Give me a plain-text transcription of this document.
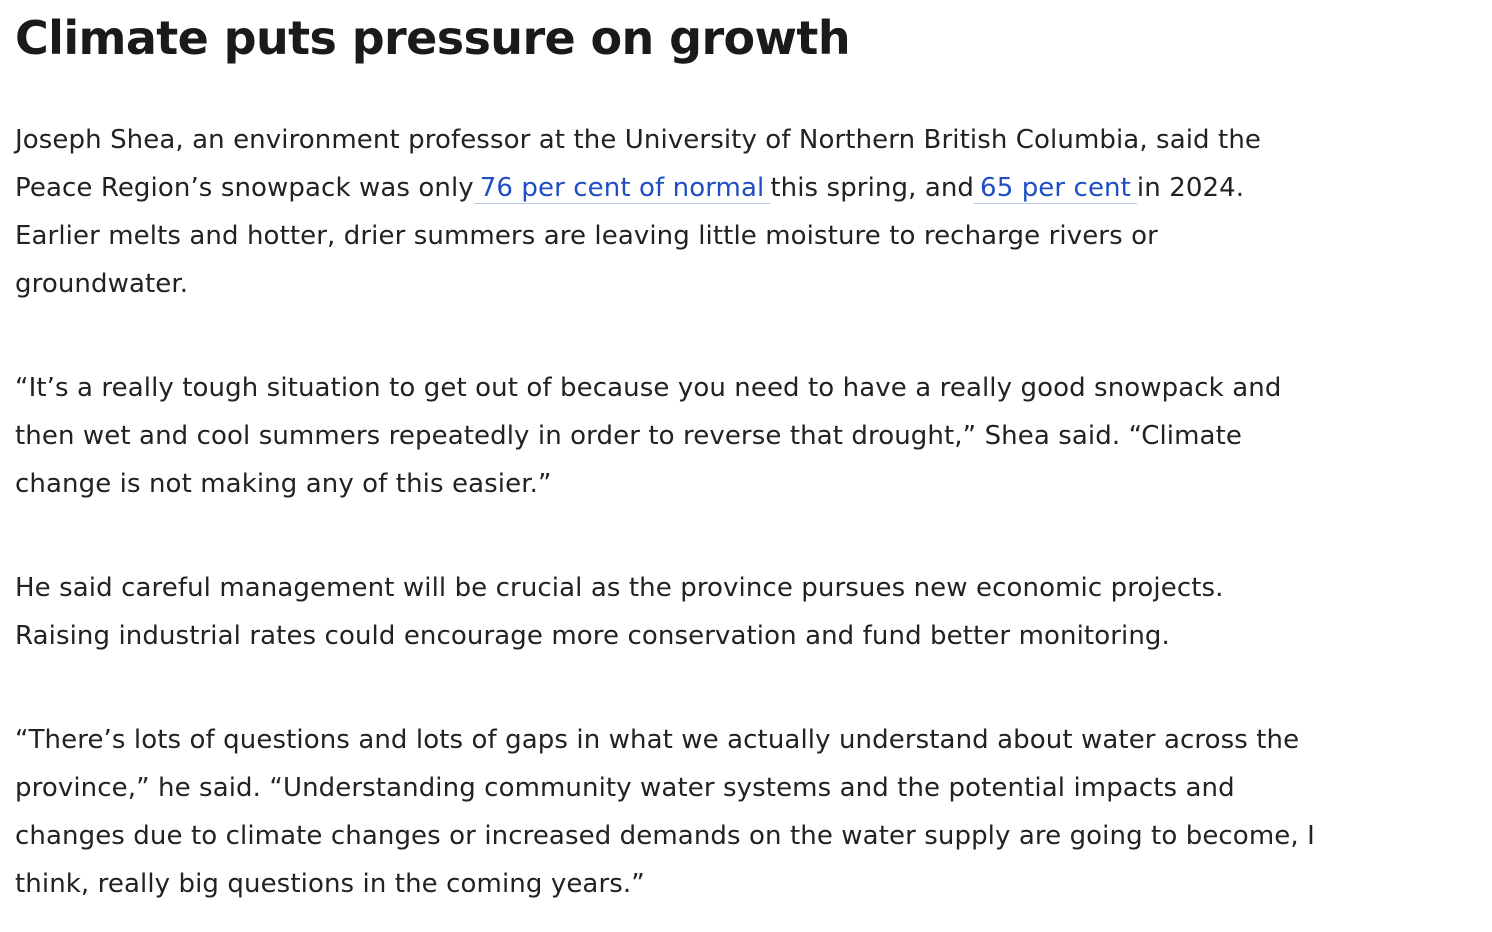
Climate puts pressure on growth

Joseph Shea, an environment professor at the University of Northern British Columbia, said the
Peace Region’s snowpack was only 76 per cent of normal this spring, and 65 per cent in 2024.
Earlier melts and hotter, drier summers are leaving little moisture to recharge rivers or
groundwater.

“It’s a really tough situation to get out of because you need to have a really good snowpack and
then wet and cool summers repeatedly in order to reverse that drought,” Shea said. “Climate
change is not making any of this easier.”

He said careful management will be crucial as the province pursues new economic projects.
Raising industrial rates could encourage more conservation and fund better monitoring.

“There’s lots of questions and lots of gaps in what we actually understand about water across the
province,” he said. “Understanding community water systems and the potential impacts and
changes due to climate changes or increased demands on the water supply are going to become, I
think, really big questions in the coming years.”
